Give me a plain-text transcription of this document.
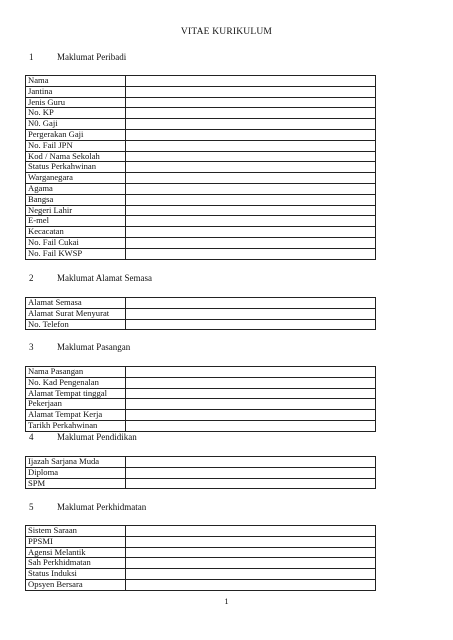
VITAE KURIKULUM
1	Maklumat Peribadi
Nama	
Jantina	
Jenis Guru	
No. KP	
N0. Gaji	
Pergerakan Gaji	
No. Fail JPN	
Kod / Nama Sekolah	
Status Perkahwinan	
Warganegara	
Agama	
Bangsa	
Negeri Lahir	
E-mel	
Kecacatan	
No. Fail Cukai	
No. Fail KWSP	
2	Maklumat Alamat Semasa
Alamat Semasa	
Alamat Surat Menyurat	
No. Telefon	
3	Maklumat Pasangan
Nama Pasangan	
No. Kad Pengenalan	
Alamat Tempat tinggal	
Pekerjaan	
Alamat Tempat Kerja	
Tarikh Perkahwinan	
4	Maklumat Pendidikan
Ijazah Sarjana Muda	
Diploma	
SPM	
5	Maklumat Perkhidmatan
Sistem Saraan	
PPSMI	
Agensi Melantik	
Sah Perkhidmatan	
Status Induksi	
Opsyen Bersara	
1
